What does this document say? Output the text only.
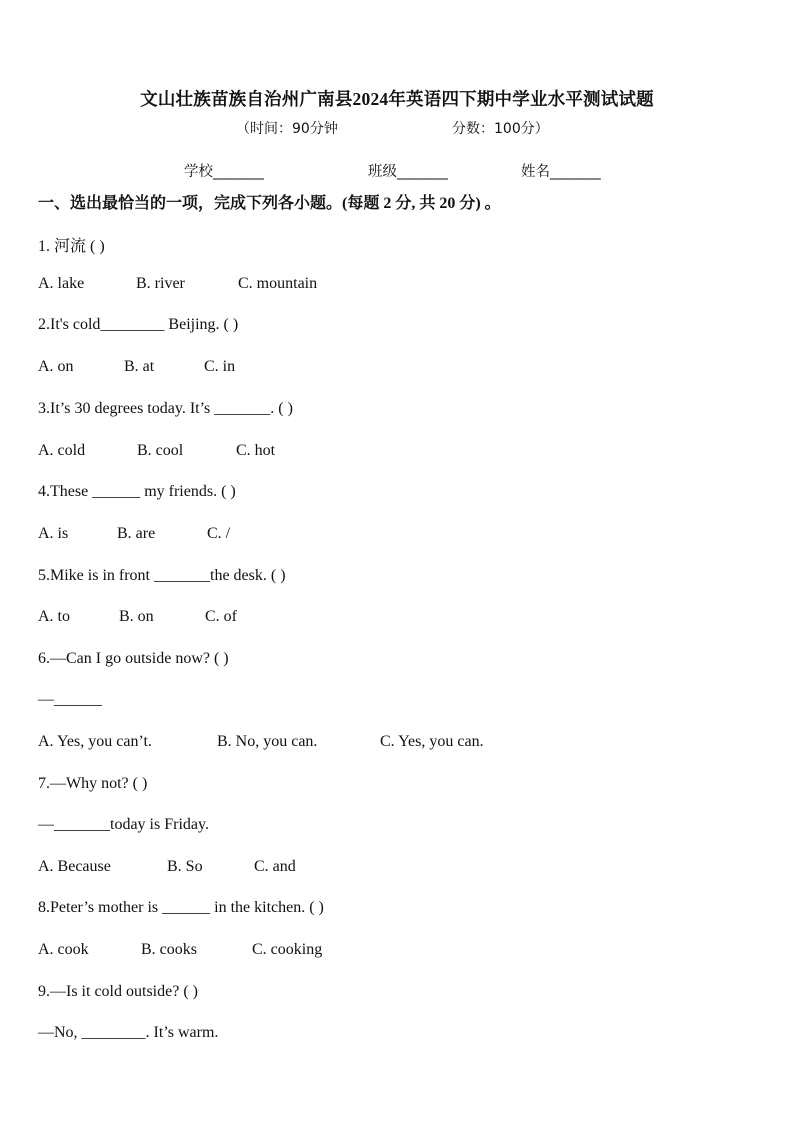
文山壮族苗族自治州广南县2024年英语四下期中学业水平测试试题
（时间：90分钟	分数：100分）
学校_______	班级_______	姓名_______
一、选出最恰当的一项，完成下列各小题。(每题 2 分, 共 20 分) 。
1. 河流 ( )
A. lake	B. river	C. mountain
2.It's cold________ Beijing. ( )
A. on	B. at	C. in
3.It’s 30 degrees today. It’s _______. ( )
A. cold	B. cool	C. hot
4.These ______ my friends. ( )
A. is	B. are	C. /
5.Mike is in front _______the desk. ( )
A. to	B. on	C. of
6.—Can I go outside now? ( )
—______
A. Yes, you can’t.	B. No, you can.	C. Yes, you can.
7.—Why not? ( )
—_______today is Friday.
A. Because	B. So	C. and
8.Peter’s mother is ______ in the kitchen. ( )
A. cook	B. cooks	C. cooking
9.—Is it cold outside? ( )
—No, ________. It’s warm.
